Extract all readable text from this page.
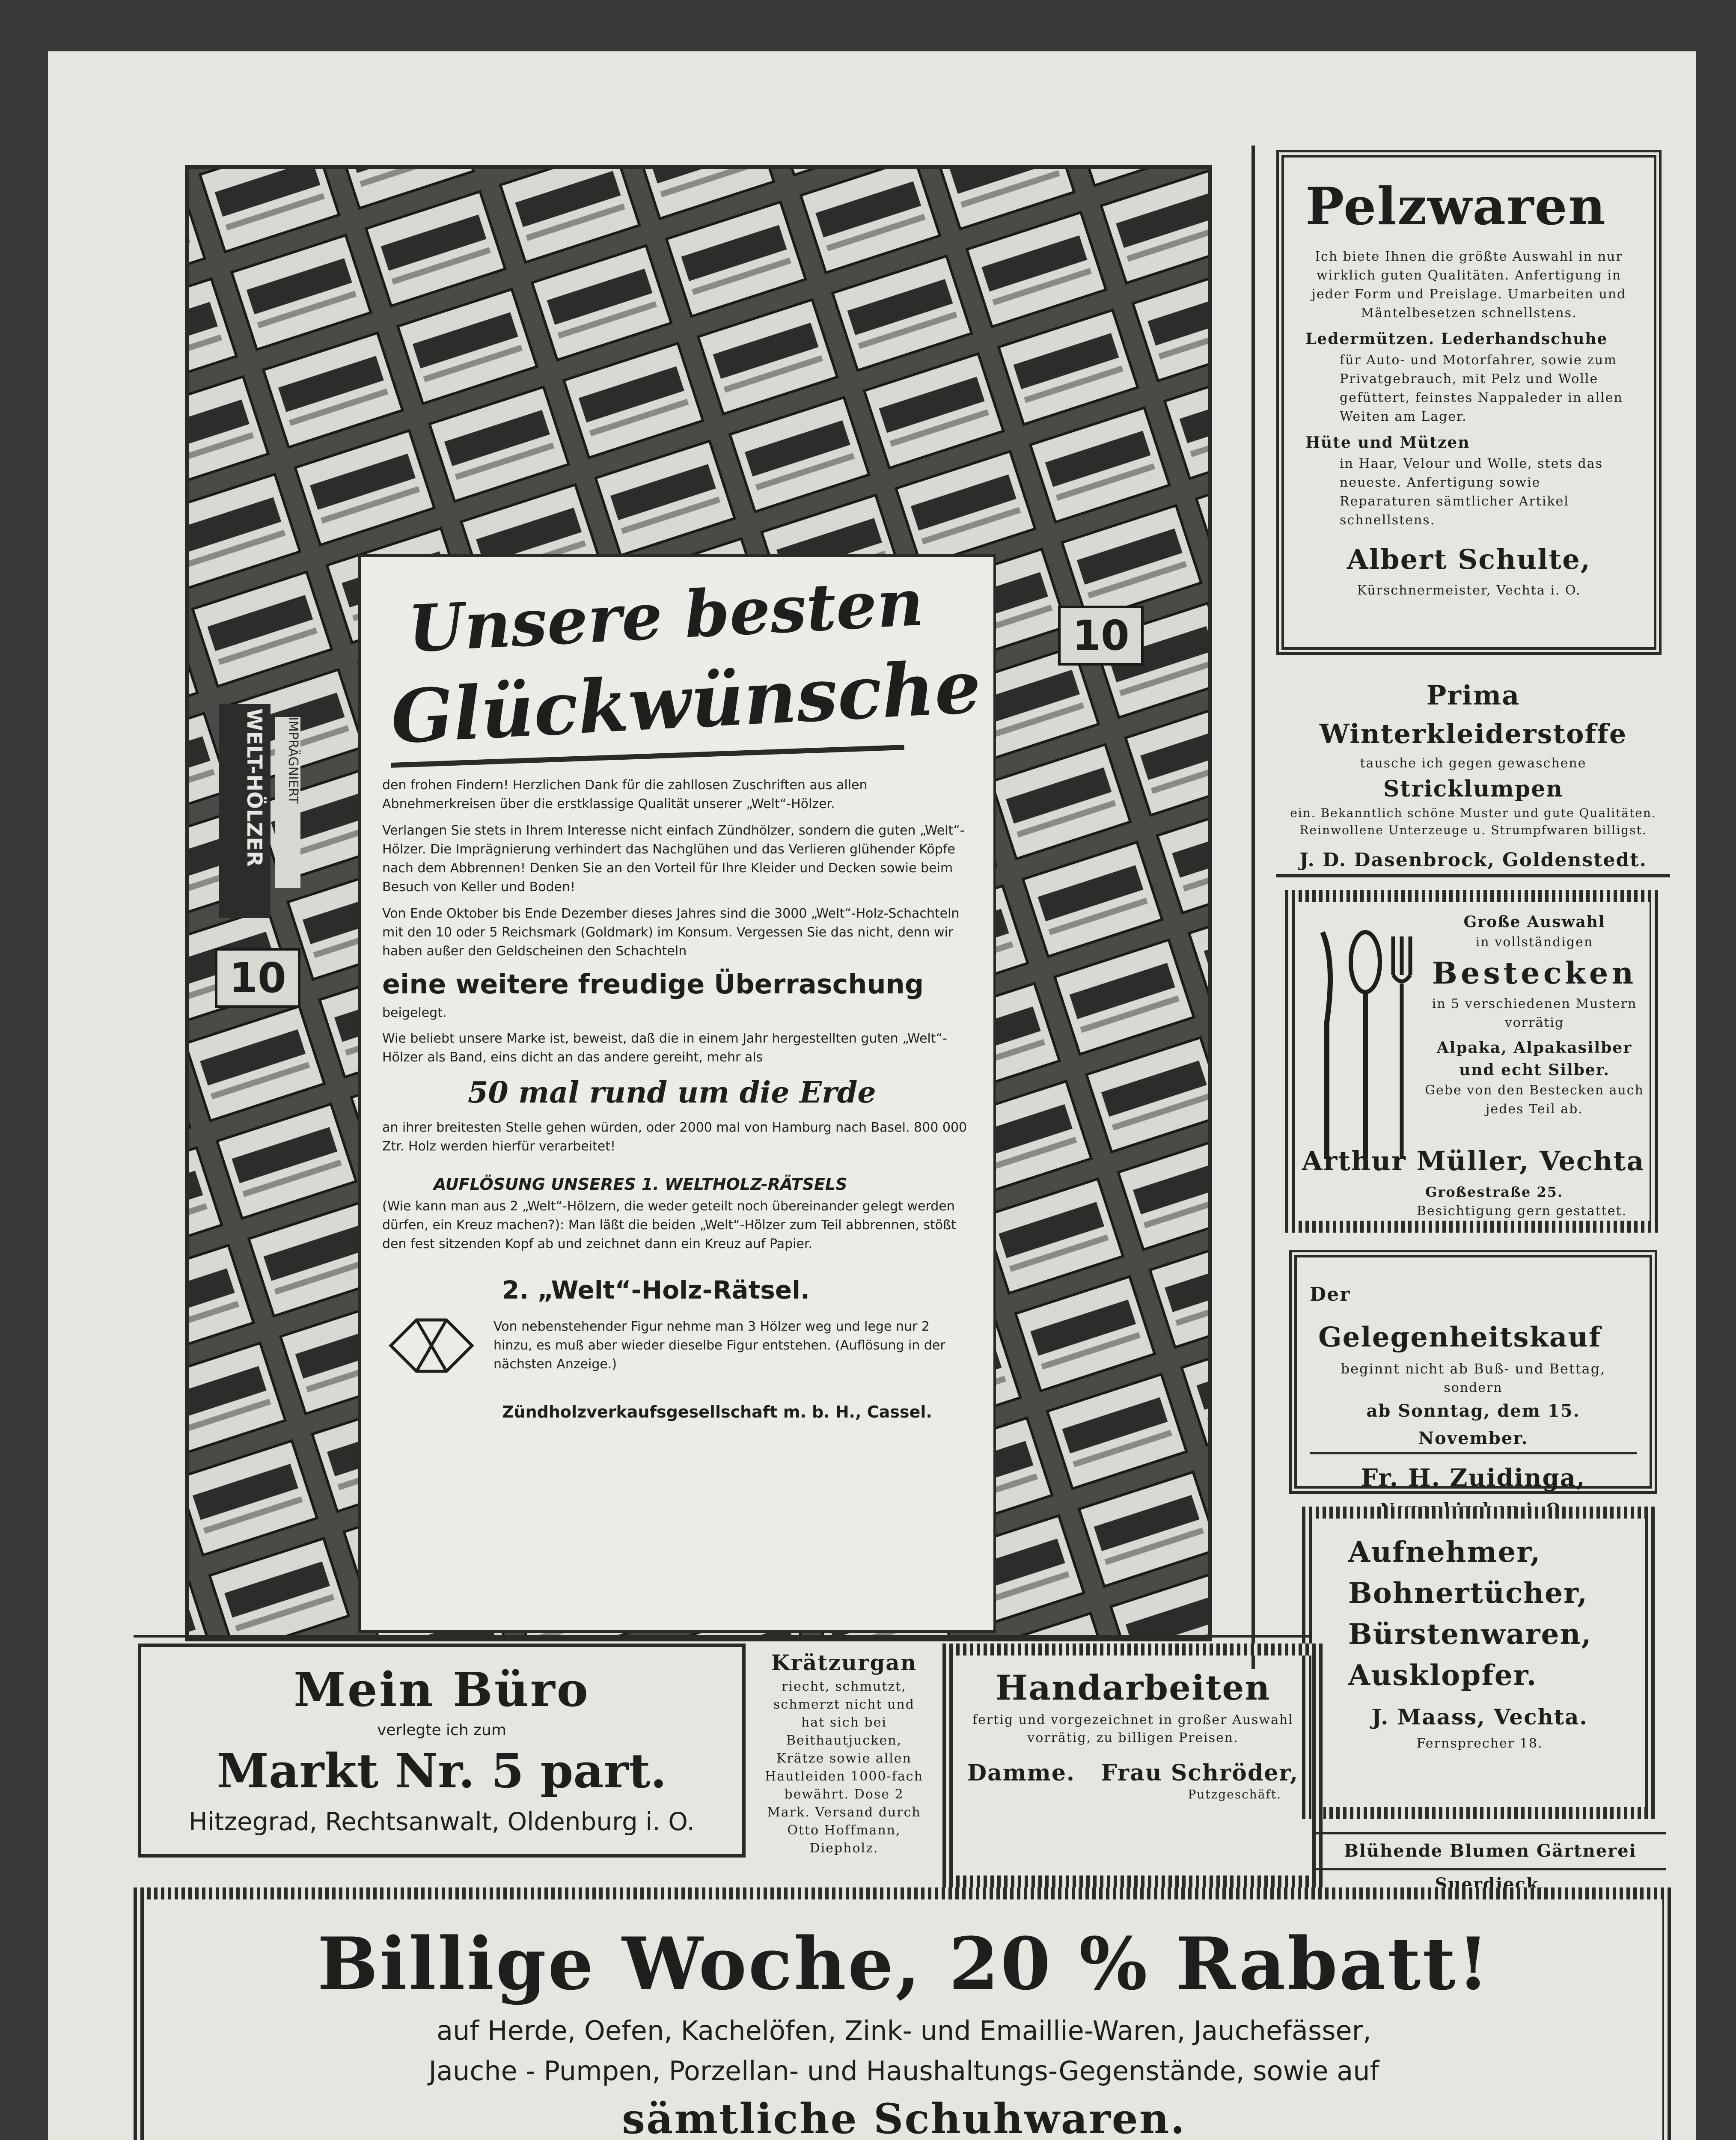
WELT-HÖLZER	IMPRÄGNIERT
10
10
Unsere besten
Glückwünsche

den frohen Findern! Herzlichen Dank für die zahllosen Zuschriften aus allen Abnehmerkreisen über die erstklassige Qualität unserer „Welt“-Hölzer.

Verlangen Sie stets in Ihrem Interesse nicht einfach Zündhölzer, sondern die guten „Welt“-Hölzer. Die Imprägnierung verhindert das Nachglühen und das Verlieren glühender Köpfe nach dem Abbrennen! Denken Sie an den Vorteil für Ihre Kleider und Decken sowie beim Besuch von Keller und Boden!

Von Ende Oktober bis Ende Dezember dieses Jahres sind die 3000 „Welt“-Holz-Schachteln mit den 10 oder 5 Reichsmark (Goldmark) im Konsum. Vergessen Sie das nicht, denn wir haben außer den Geldscheinen den Schachteln

eine weitere freudige Überraschung

beigelegt.

Wie beliebt unsere Marke ist, beweist, daß die in einem Jahr hergestellten guten „Welt“-Hölzer als Band, eins dicht an das andere gereiht, mehr als

50 mal rund um die Erde

an ihrer breitesten Stelle gehen würden, oder 2000 mal von Hamburg nach Basel. 800 000 Ztr. Holz werden hierfür verarbeitet!

AUFLÖSUNG UNSERES 1. WELTHOLZ-RÄTSELS

(Wie kann man aus 2 „Welt“-Hölzern, die weder geteilt noch übereinander gelegt werden dürfen, ein Kreuz machen?): Man läßt die beiden „Welt“-Hölzer zum Teil abbrennen, stößt den fest sitzenden Kopf ab und zeichnet dann ein Kreuz auf Papier.

2. „Welt“-Holz-Rätsel.

Von nebenstehender Figur nehme man 3 Hölzer weg und lege nur 2 hinzu, es muß aber wieder dieselbe Figur entstehen. (Auflösung in der nächsten Anzeige.)

Zündholzverkaufsgesellschaft m. b. H., Cassel.

Pelzwaren

Ich biete Ihnen die größte Auswahl in nur wirklich guten Qualitäten. Anfertigung in jeder Form und Preislage. Umarbeiten und Mäntelbesetzen schnellstens.

Ledermützen. Lederhandschuhe

für Auto- und Motorfahrer, sowie zum Privatgebrauch, mit Pelz und Wolle gefüttert, feinstes Nappaleder in allen Weiten am Lager.

Hüte und Mützen

in Haar, Velour und Wolle, stets das neueste. Anfertigung sowie Reparaturen sämtlicher Artikel schnellstens.

Albert Schulte,

Kürschnermeister, Vechta i. O.

Prima Winterkleiderstoffe

tausche ich gegen gewaschene

Stricklumpen

ein. Bekanntlich schöne Muster und gute Qualitäten. Reinwollene Unterzeuge u. Strumpfwaren billigst.

J. D. Dasenbrock, Goldenstedt.

Große Auswahl

in vollständigen

Bestecken

in 5 verschiedenen Mustern vorrätig

Alpaka, Alpakasilber und echt Silber.

Gebe von den Bestecken auch jedes Teil ab.

Arthur Müller, Vechta

Großestraße 25.

Besichtigung gern gestattet.

Der Gelegenheitskauf

beginnt nicht ab Buß- und Bettag,

sondern

ab Sonntag, dem 15. November.

Fr. H. Zuidinga,

Neuenkirchen i. O.

Aufnehmer,

Bohnertücher,

Bürstenwaren,

Ausklopfer.

J. Maass, Vechta.

Fernsprecher 18.

Mein Büro

verlegte ich zum

Markt Nr. 5 part.

Hitzegrad, Rechtsanwalt, Oldenburg i. O.

Krätzurgan

riecht, schmutzt, schmerzt nicht und hat sich bei Beithautjucken, Krätze sowie allen Hautleiden 1000-fach bewährt. Dose 2 Mark. Versand durch Otto Hoffmann, Diepholz.

Handarbeiten

fertig und vorgezeichnet in großer Auswahl vorrätig, zu billigen Preisen.

Damme. Frau Schröder,

Putzgeschäft.

Blühende Blumen Gärtnerei Suerdieck.

Billige Woche, 20 % Rabatt!

auf Herde, Oefen, Kachelöfen, Zink- und Emaillie-Waren, Jauchefässer,

Jauche - Pumpen, Porzellan- und Haushaltungs-Gegenstände, sowie auf

sämtliche Schuhwaren.
